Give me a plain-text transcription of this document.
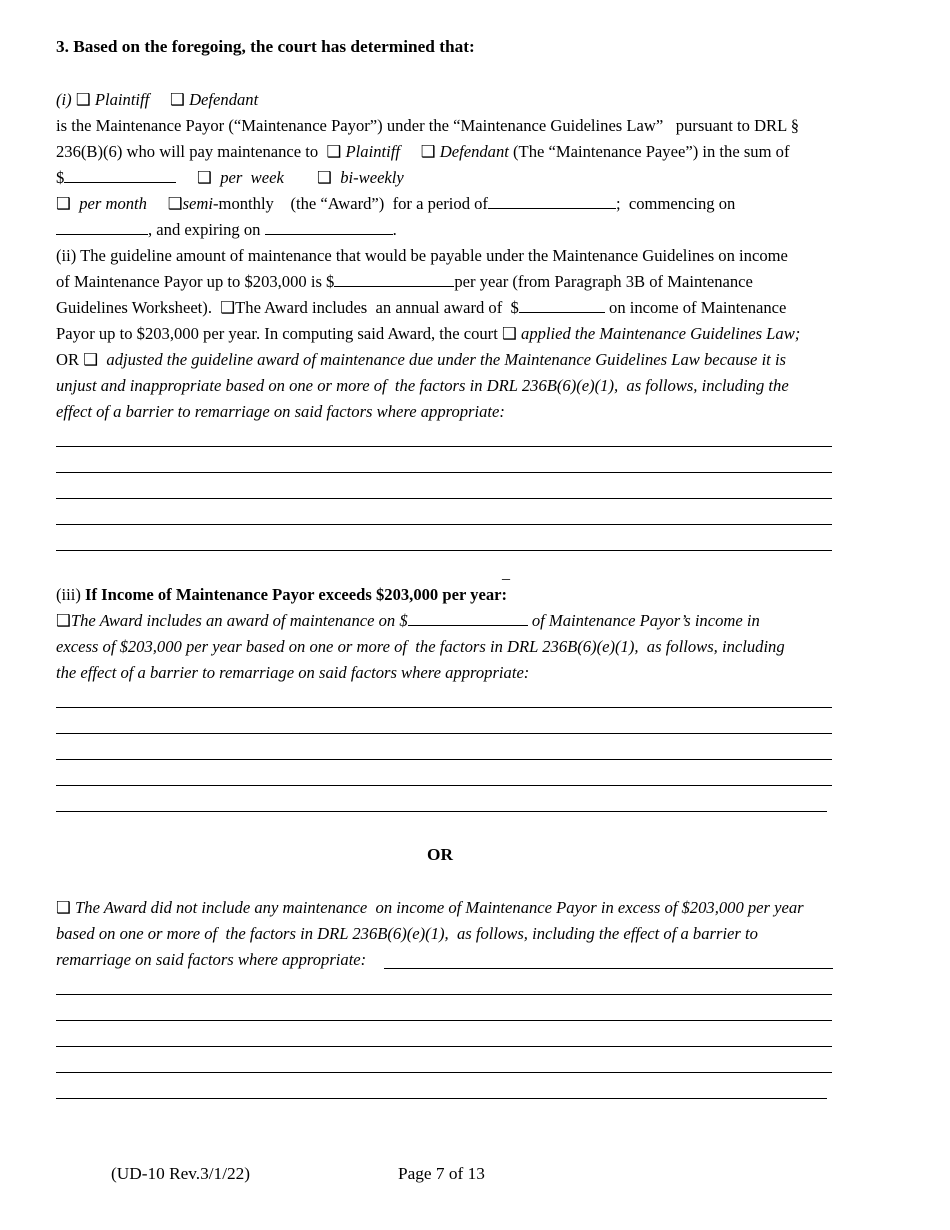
3. Based on the foregoing, the court has determined that:
(i) ❑ Plaintiff ❑ Defendant
is the Maintenance Payor (“Maintenance Payor”) under the “Maintenance Guidelines Law”   pursuant to DRL §
236(B)(6) who will pay maintenance to ❑ Plaintiff ❑ Defendant (The “Maintenance Payee”) in the sum of
$	❑ per  week ❑ bi-weekly
❑ per month ❑semi-monthly (the “Award”)  for a period of	;  commencing on
, and expiring on	.
(ii) The guideline amount of maintenance that would be payable under the Maintenance Guidelines on income
of Maintenance Payor up to $203,000 is $	per year (from Paragraph 3B of Maintenance
Guidelines Worksheet). ❑The Award includes  an annual award of  $	on income of Maintenance
Payor up to $203,000 per year. In computing said Award, the court ❑ applied the Maintenance Guidelines Law;
OR ❑ adjusted the guideline award of maintenance due under the Maintenance Guidelines Law because it is
unjust and inappropriate based on one or more of  the factors in DRL 236B(6)(e)(1),  as follows, including the
effect of a barrier to remarriage on said factors where appropriate:
_
(iii) If Income of Maintenance Payor exceeds $203,000 per year:
❑The Award includes an award of maintenance on $	of Maintenance Payor’s income in
excess of $203,000 per year based on one or more of  the factors in DRL 236B(6)(e)(1),  as follows, including
the effect of a barrier to remarriage on said factors where appropriate:
OR
❑ The Award did not include any maintenance  on income of Maintenance Payor in excess of $203,000 per year
based on one or more of  the factors in DRL 236B(6)(e)(1),  as follows, including the effect of a barrier to
remarriage on said factors where appropriate:
(UD-10 Rev.3/1/22)	Page 7 of 13
